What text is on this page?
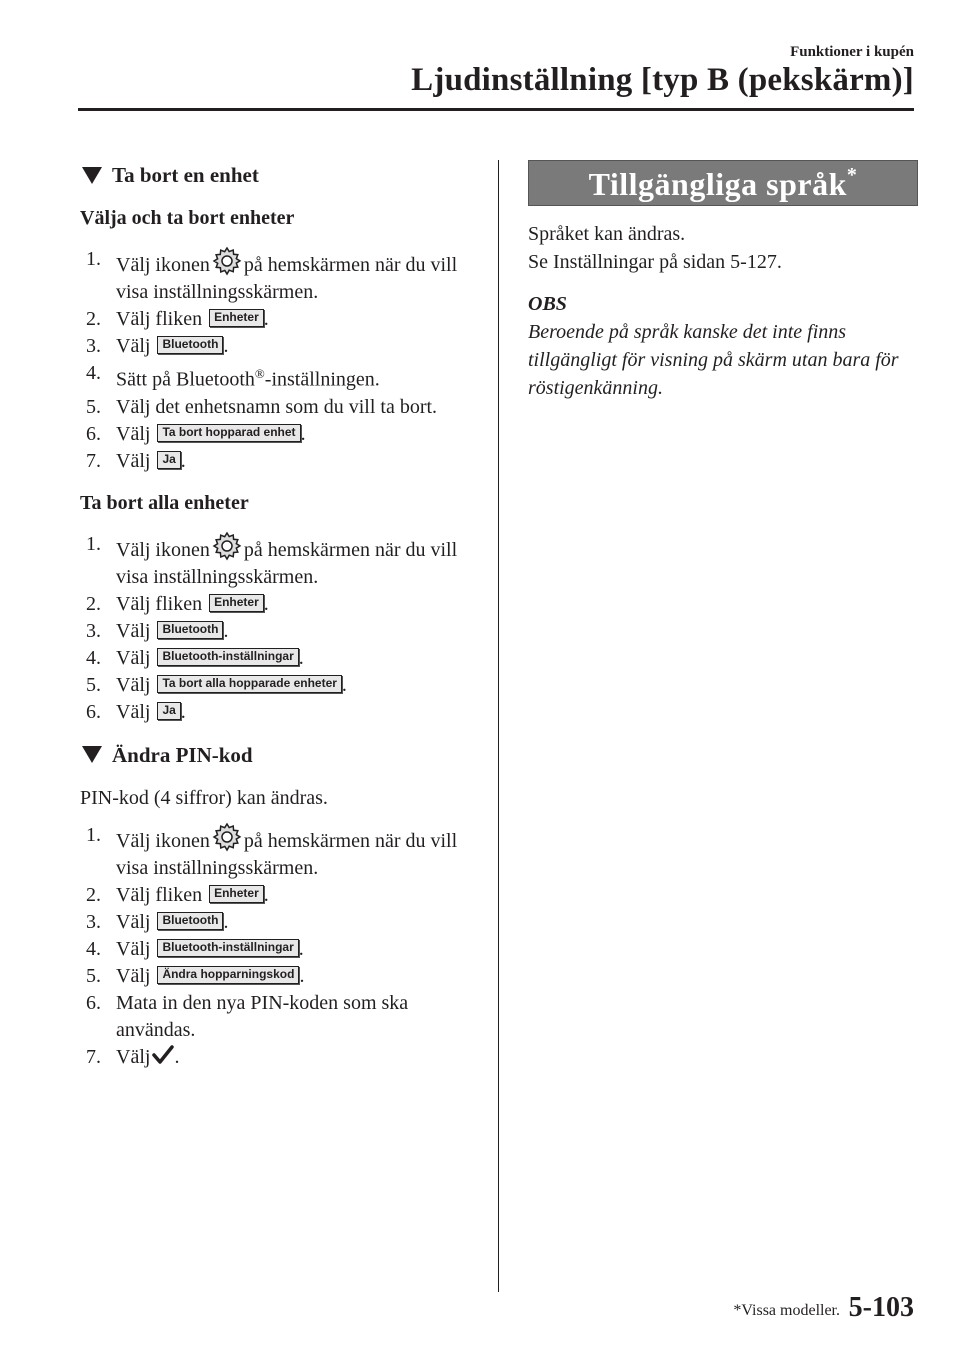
Funktioner i kupén
Ljudinställning [typ B (pekskärm)]
Ta bort en enhet
Välja och ta bort enheter
1. Välj ikonen på hemskärmen när du vill visa inställningsskärmen.
2. Välj fliken Enheter .
3. Välj Bluetooth .
4. Sätt på Bluetooth®-inställningen.
5. Välj det enhetsnamn som du vill ta bort.
6. Välj Ta bort hopparad enhet .
7. Välj Ja .
Ta bort alla enheter
1. Välj ikonen på hemskärmen när du vill visa inställningsskärmen.
2. Välj fliken Enheter .
3. Välj Bluetooth .
4. Välj Bluetooth-inställningar .
5. Välj Ta bort alla hopparade enheter .
6. Välj Ja .
Ändra PIN-kod

PIN-kod (4 siffror) kan ändras.

1. Välj ikonen på hemskärmen när du vill visa inställningsskärmen.
2. Välj fliken Enheter .
3. Välj Bluetooth .
4. Välj Bluetooth-inställningar .
5. Välj Ändra hopparningskod .
6. Mata in den nya PIN-koden som ska användas.
7. Välj .
Tillgängliga språk*

Språket kan ändras.

Se Inställningar på sidan 5-127.

OBS

Beroende på språk kanske det inte finns tillgängligt för visning på skärm utan bara för röstigenkänning.

*Vissa modeller. 5-103
